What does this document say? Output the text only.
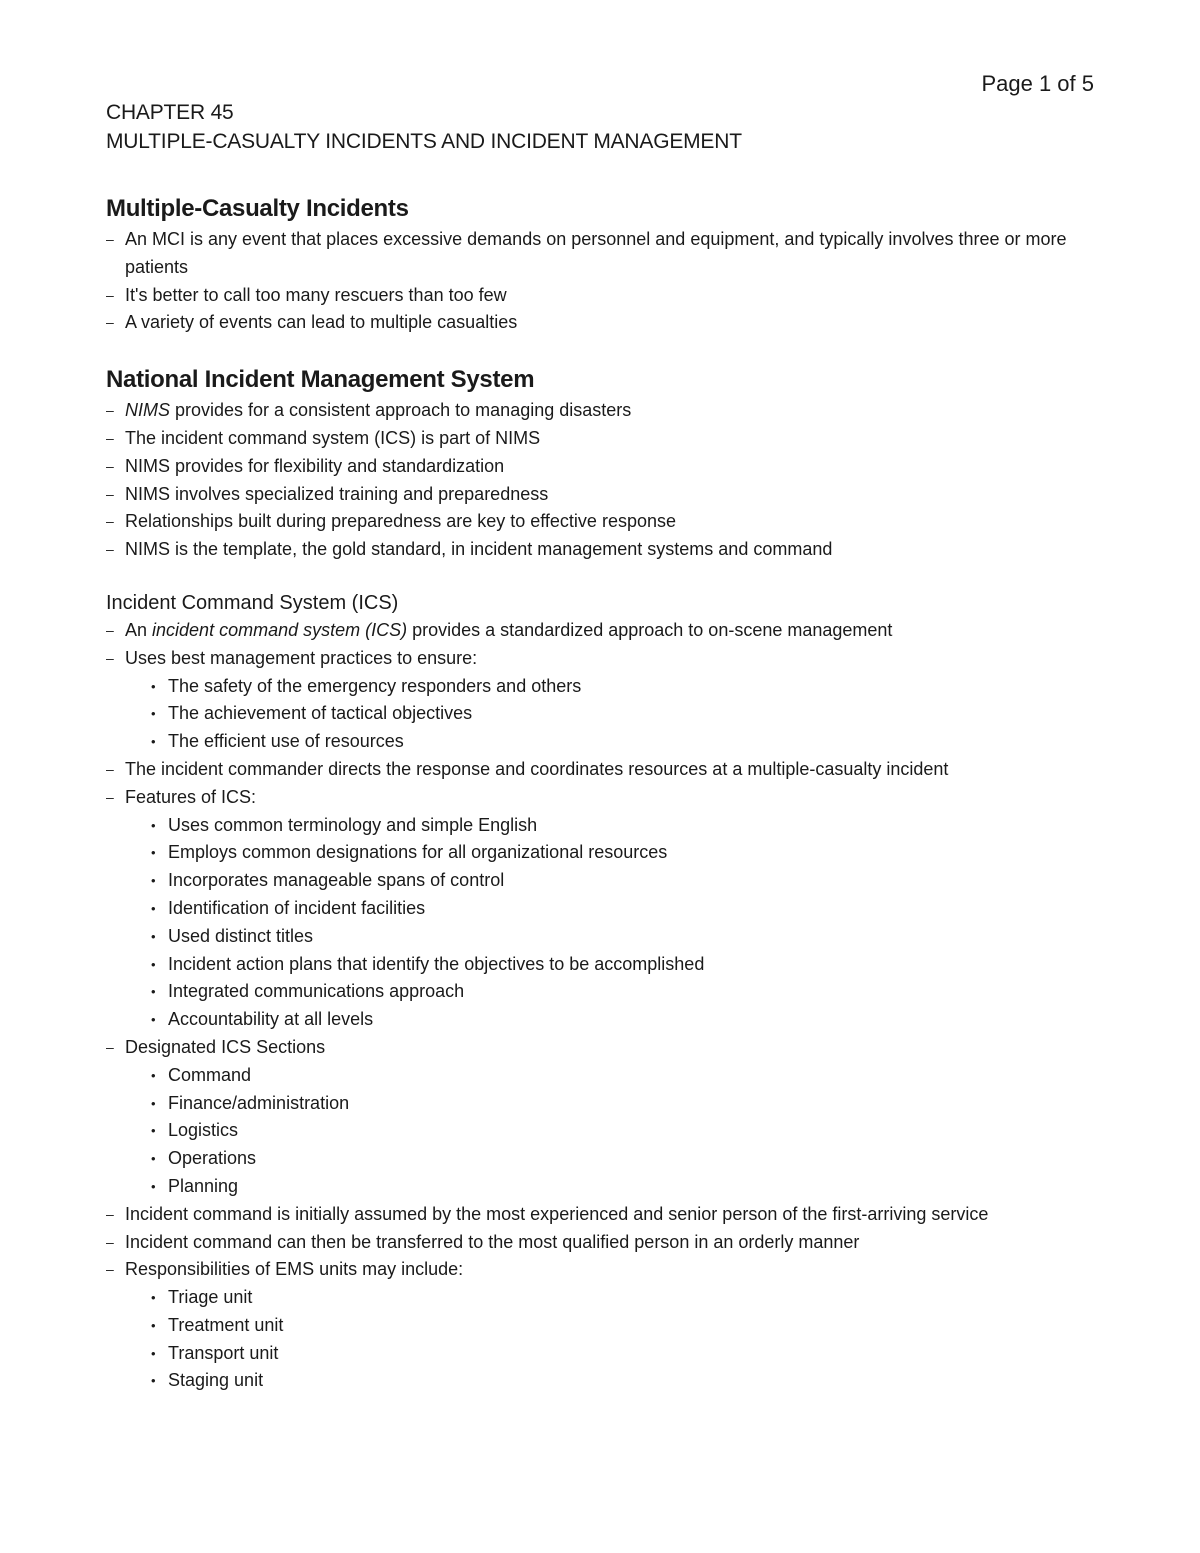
Page 1 of 5
CHAPTER 45
MULTIPLE-CASUALTY INCIDENTS AND INCIDENT MANAGEMENT
Multiple-Casualty Incidents
– An MCI is any event that places excessive demands on personnel and equipment, and typically involves three or more patients
– It's better to call too many rescuers than too few
– A variety of events can lead to multiple casualties
National Incident Management System
– NIMS provides for a consistent approach to managing disasters
– The incident command system (ICS) is part of NIMS
– NIMS provides for flexibility and standardization
– NIMS involves specialized training and preparedness
– Relationships built during preparedness are key to effective response
– NIMS is the template, the gold standard, in incident management systems and command
Incident Command System (ICS)
– An incident command system (ICS) provides a standardized approach to on-scene management
– Uses best management practices to ensure:
• The safety of the emergency responders and others
• The achievement of tactical objectives
• The efficient use of resources
– The incident commander directs the response and coordinates resources at a multiple-casualty incident
– Features of ICS:
• Uses common terminology and simple English
• Employs common designations for all organizational resources
• Incorporates manageable spans of control
• Identification of incident facilities
• Used distinct titles
• Incident action plans that identify the objectives to be accomplished
• Integrated communications approach
• Accountability at all levels
– Designated ICS Sections
• Command
• Finance/administration
• Logistics
• Operations
• Planning
– Incident command is initially assumed by the most experienced and senior person of the first-arriving service
– Incident command can then be transferred to the most qualified person in an orderly manner
– Responsibilities of EMS units may include:
• Triage unit
• Treatment unit
• Transport unit
• Staging unit
